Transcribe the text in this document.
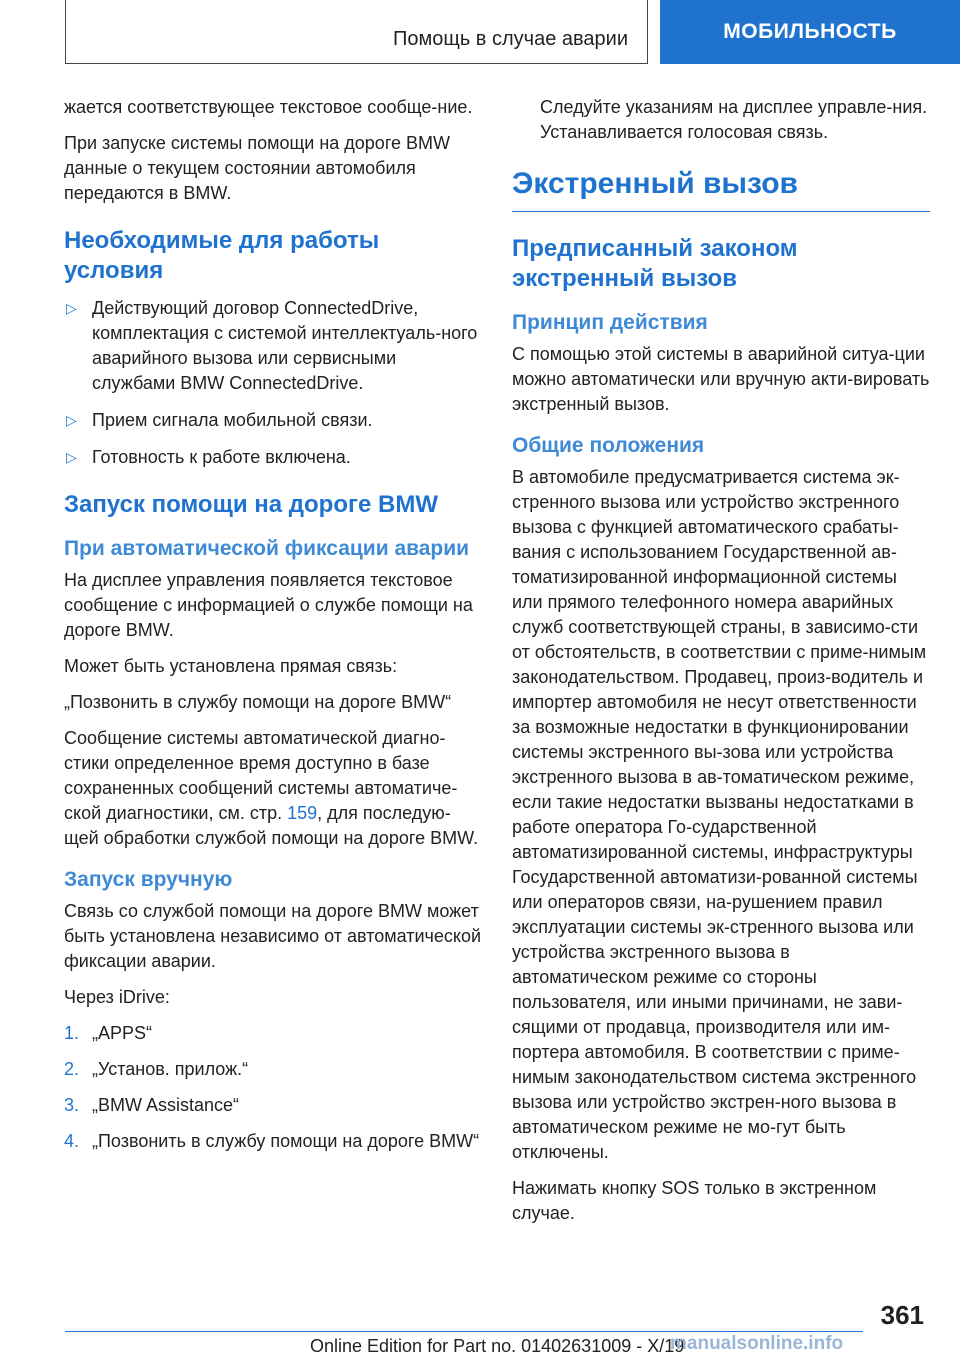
Помощь в случае аварии	МОБИЛЬНОСТЬ

жается соответствующее текстовое сообще-ние.

При запуске системы помощи на дороге BMW данные о текущем состоянии автомобиля передаются в BMW.

Необходимые для работы условия
▷ Действующий договор ConnectedDrive, комплектация с системой интеллектуаль-ного аварийного вызова или сервисными службами BMW ConnectedDrive.
▷ Прием сигнала мобильной связи.
▷ Готовность к работе включена.
Запуск помощи на дороге BMW
При автоматической фиксации аварии

На дисплее управления появляется текстовое сообщение с информацией о службе помощи на дороге BMW.

Может быть установлена прямая связь:

„Позвонить в службу помощи на дороге BMW“

Сообщение системы автоматической диагно-стики определенное время доступно в базе сохраненных сообщений системы автоматиче-ской диагностики, см. стр. 159, для последую-щей обработки службой помощи на дороге BMW.

Запуск вручную

Связь со службой помощи на дороге BMW может быть установлена независимо от автоматической фиксации аварии.

Через iDrive:

1. „APPS“
2. „Установ. прилож.“
3. „BMW Assistance“
4. „Позвонить в службу помощи на дороге BMW“

Следуйте указаниям на дисплее управле-ния. Устанавливается голосовая связь.

Экстренный вызов
Предписанный законом экстренный вызов
Принцип действия

С помощью этой системы в аварийной ситуа-ции можно автоматически или вручную акти-вировать экстренный вызов.

Общие положения

В автомобиле предусматривается система эк-стренного вызова или устройство экстренного вызова с функцией автоматического срабаты-вания с использованием Государственной ав-томатизированной информационной системы или прямого телефонного номера аварийных служб соответствующей страны, в зависимо-сти от обстоятельств, в соответствии с приме-нимым законодательством. Продавец, произ-водитель и импортер автомобиля не несут ответственности за возможные недостатки в функционировании системы экстренного вы-зова или устройства экстренного вызова в ав-томатическом режиме, если такие недостатки вызваны недостатками в работе оператора Го-сударственной автоматизированной системы, инфраструктуры Государственной автоматизи-рованной системы или операторов связи, на-рушением правил эксплуатации системы эк-стренного вызова или устройства экстренного вызова в автоматическом режиме со стороны пользователя, или иными причинами, не зави-сящими от продавца, производителя или им-портера автомобиля. В соответствии с приме-нимым законодательством система экстренного вызова или устройство экстрен-ного вызова в автоматическом режиме не мо-гут быть отключены.

Нажимать кнопку SOS только в экстренном случае.

361
Online Edition for Part no. 01402631009 - X/19
manualsonline.info
